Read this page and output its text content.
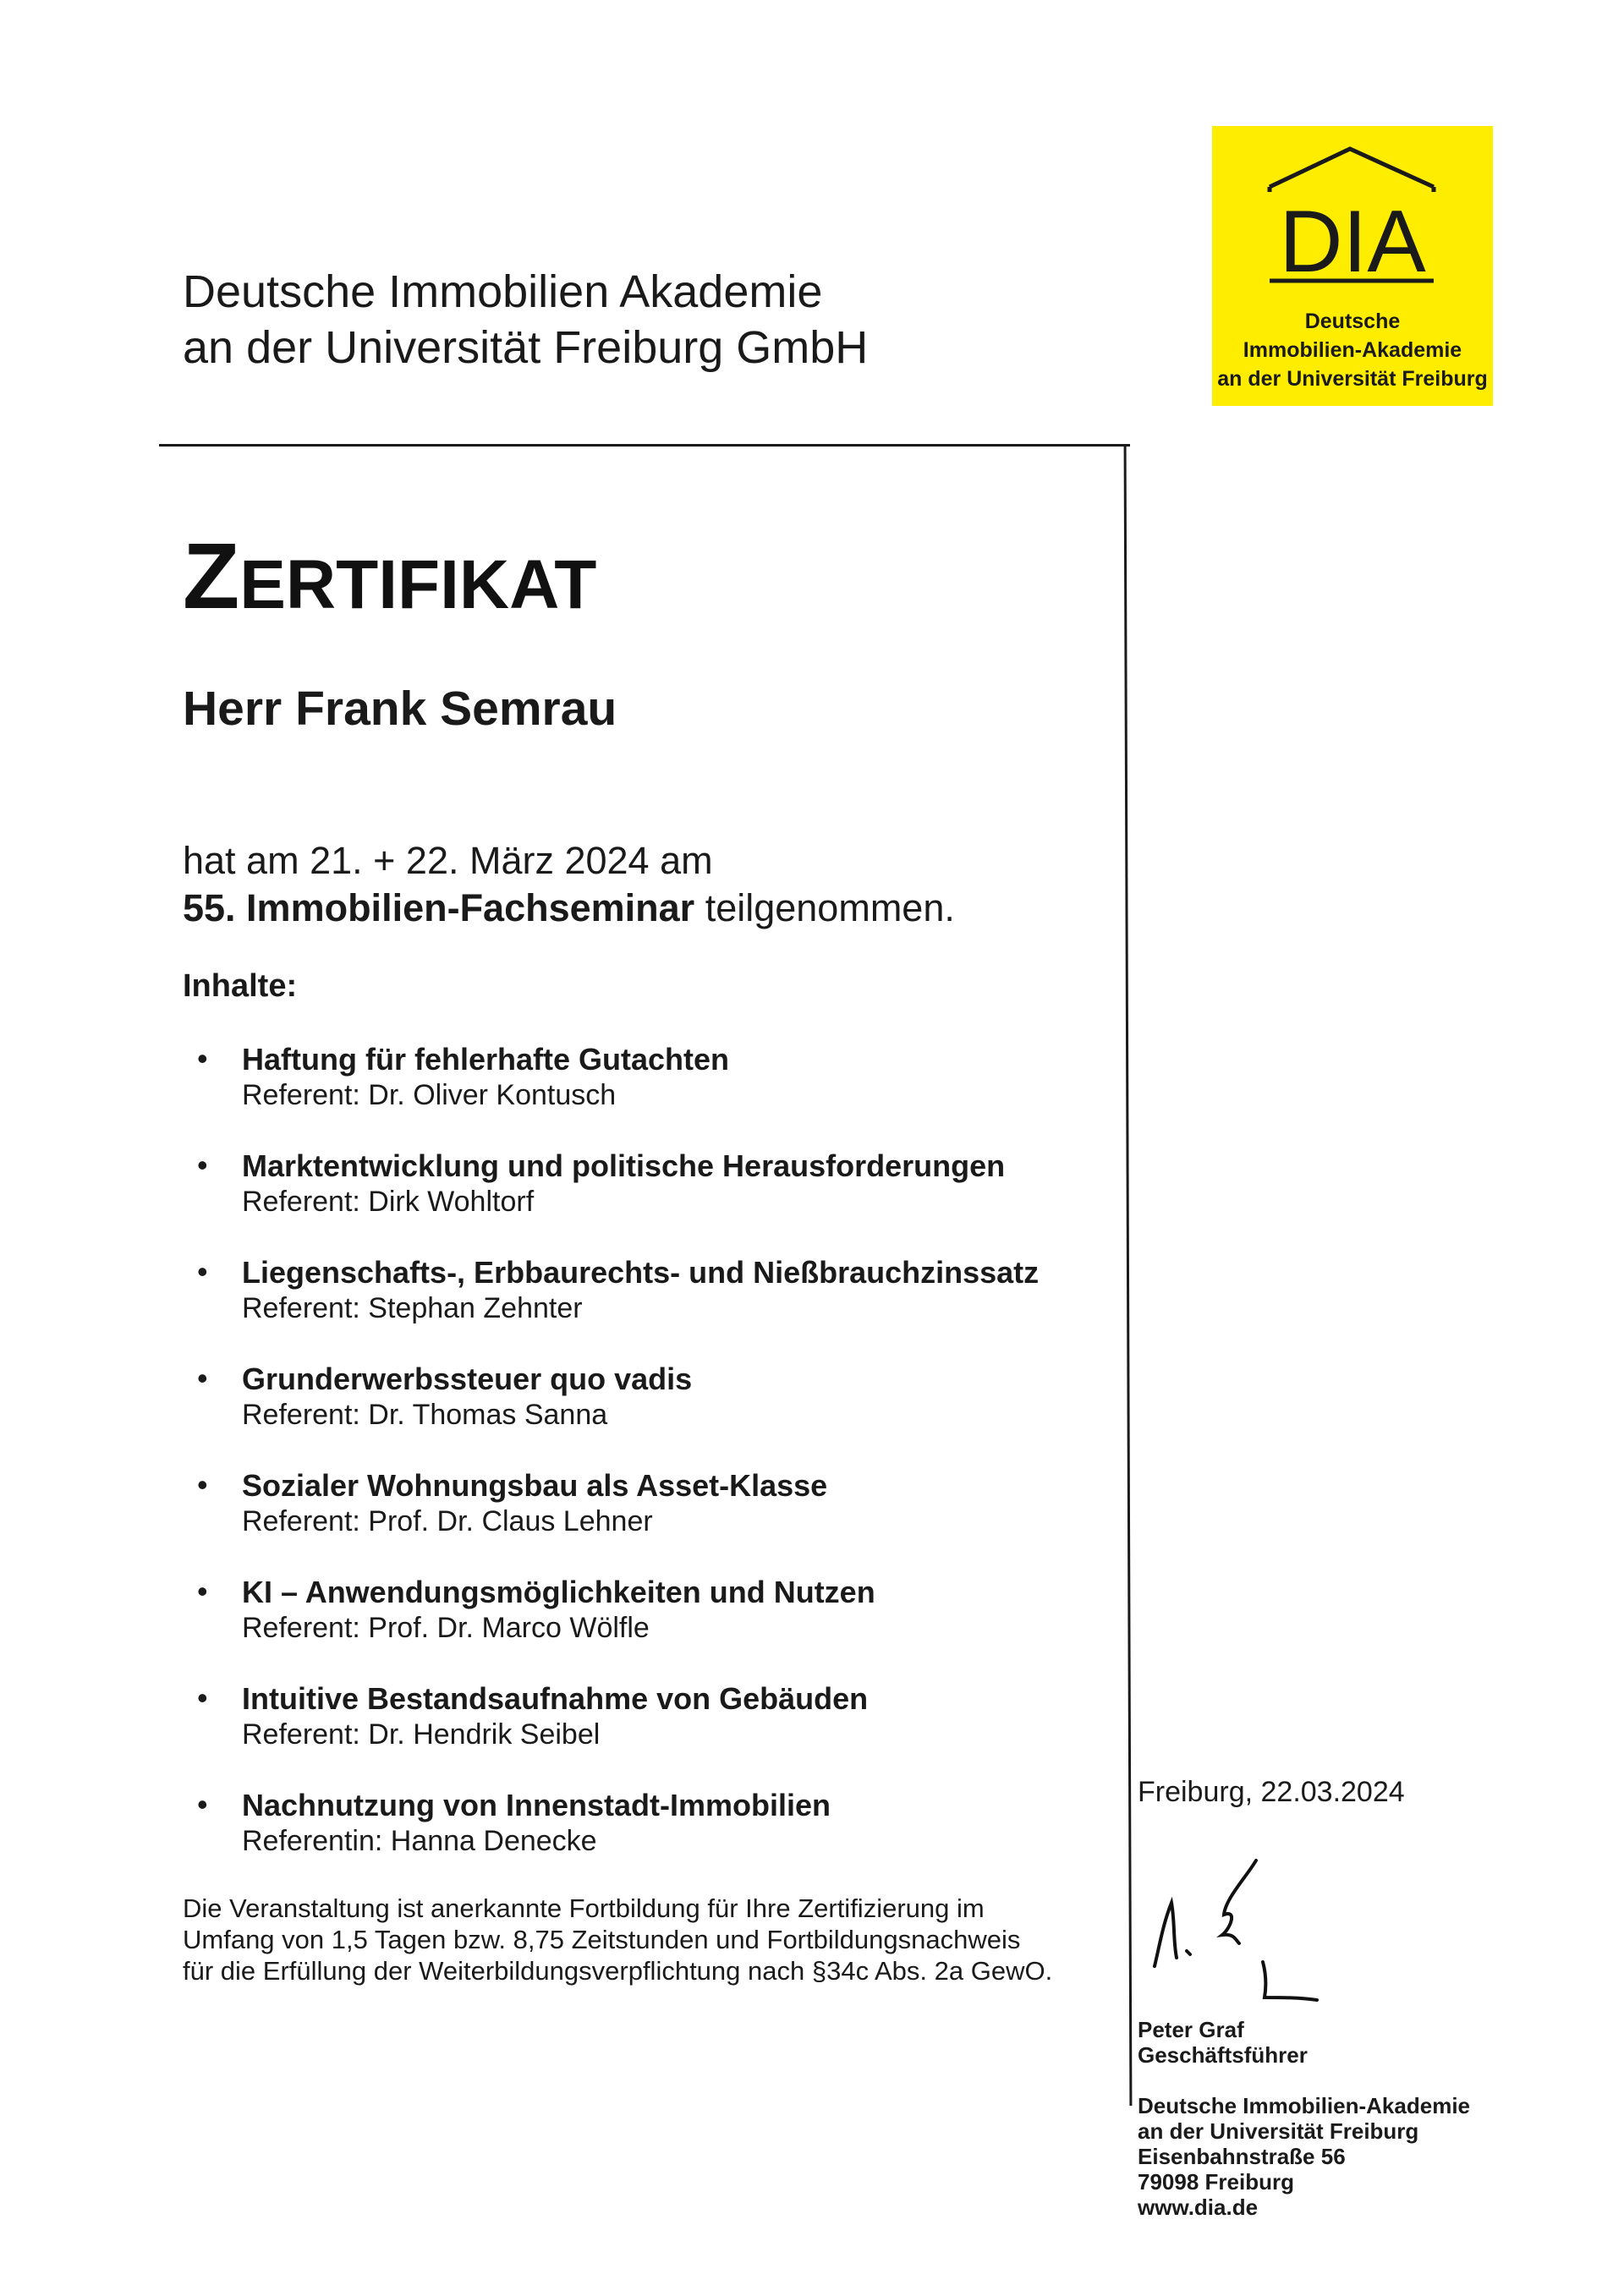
Deutsche Immobilien Akademie
an der Universität Freiburg GmbH
DIA
Deutsche
Immobilien-Akademie
an der Universität Freiburg
ZERTIFIKAT
Herr Frank Semrau
hat am 21. + 22. März 2024 am
55. Immobilien-Fachseminar teilgenommen.
Inhalte:
• Haftung für fehlerhafte Gutachten
Referent: Dr. Oliver Kontusch
• Marktentwicklung und politische Herausforderungen
Referent: Dirk Wohltorf
• Liegenschafts-, Erbbaurechts- und Nießbrauchzinssatz
Referent: Stephan Zehnter
• Grunderwerbssteuer quo vadis
Referent: Dr. Thomas Sanna
• Sozialer Wohnungsbau als Asset-Klasse
Referent: Prof. Dr. Claus Lehner
• KI – Anwendungsmöglichkeiten und Nutzen
Referent: Prof. Dr. Marco Wölfle
• Intuitive Bestandsaufnahme von Gebäuden
Referent: Dr. Hendrik Seibel
• Nachnutzung von Innenstadt-Immobilien
Referentin: Hanna Denecke
Die Veranstaltung ist anerkannte Fortbildung für Ihre Zertifizierung im
Umfang von 1,5 Tagen bzw. 8,75 Zeitstunden und Fortbildungsnachweis
für die Erfüllung der Weiterbildungsverpflichtung nach §34c Abs. 2a GewO.
Freiburg, 22.03.2024
Peter Graf
Geschäftsführer
Deutsche Immobilien-Akademie
an der Universität Freiburg
Eisenbahnstraße 56
79098 Freiburg
www.dia.de
